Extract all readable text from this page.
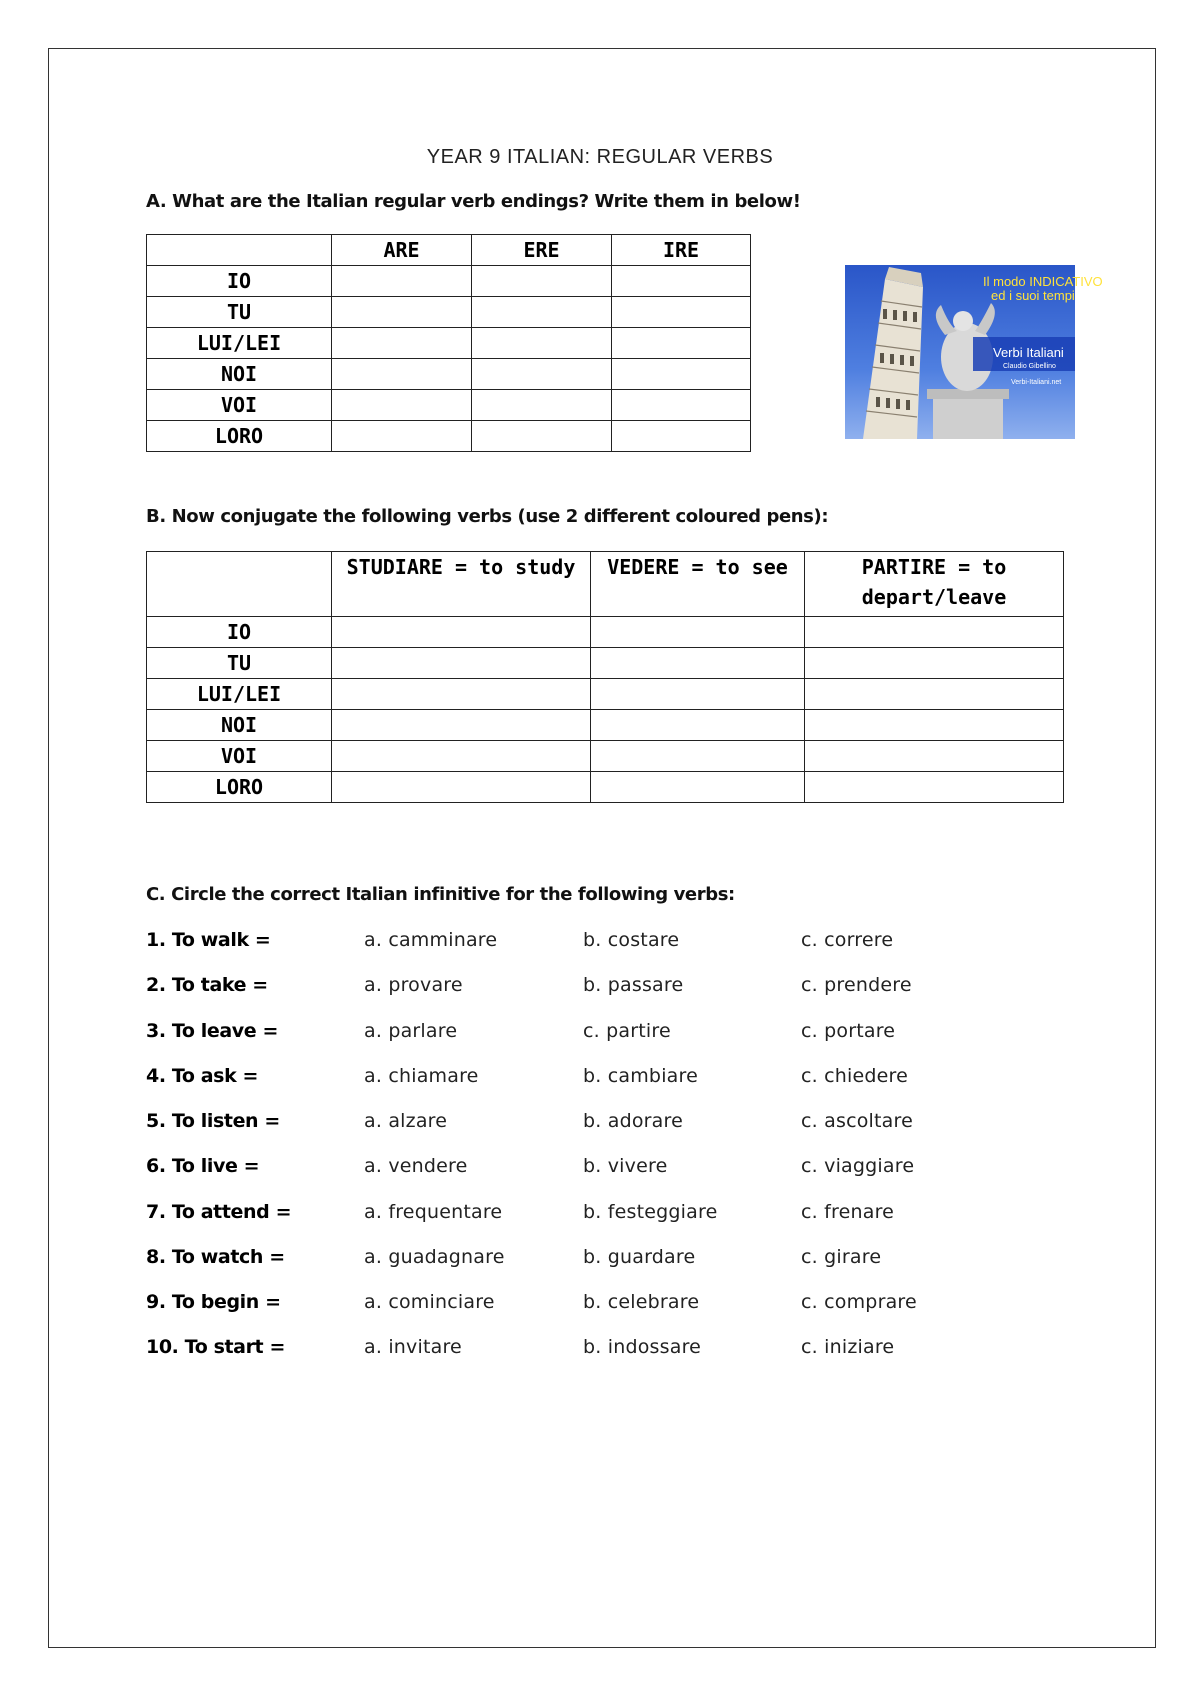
YEAR 9 ITALIAN: REGULAR VERBS
A. What are the Italian regular verb endings? Write them in below!
	ARE	ERE	IRE
IO			
TU			
LUI/LEI			
NOI			
VOI			
LORO			
Il modo INDICATIVO
ed i suoi tempi
Verbi Italiani
Claudio Gibellino
Verbi-Italiani.net
B. Now conjugate the following verbs (use 2 different coloured pens):
	STUDIARE = to study	VEDERE = to see	PARTIRE = to depart/leave
IO			
TU			
LUI/LEI			
NOI			
VOI			
LORO			
C. Circle the correct Italian infinitive for the following verbs:
1. To walk =	a. camminare	b. costare	c. correre
2. To take =	a. provare	b. passare	c. prendere
3. To leave =	a. parlare	c. partire	c. portare
4. To ask =	a. chiamare	b. cambiare	c. chiedere
5. To listen =	a. alzare	b. adorare	c. ascoltare
6. To live =	a. vendere	b. vivere	c. viaggiare
7. To attend =	a. frequentare	b. festeggiare	c. frenare
8. To watch =	a. guadagnare	b. guardare	c. girare
9. To begin =	a. cominciare	b. celebrare	c. comprare
10. To start =	a. invitare	b. indossare	c. iniziare
